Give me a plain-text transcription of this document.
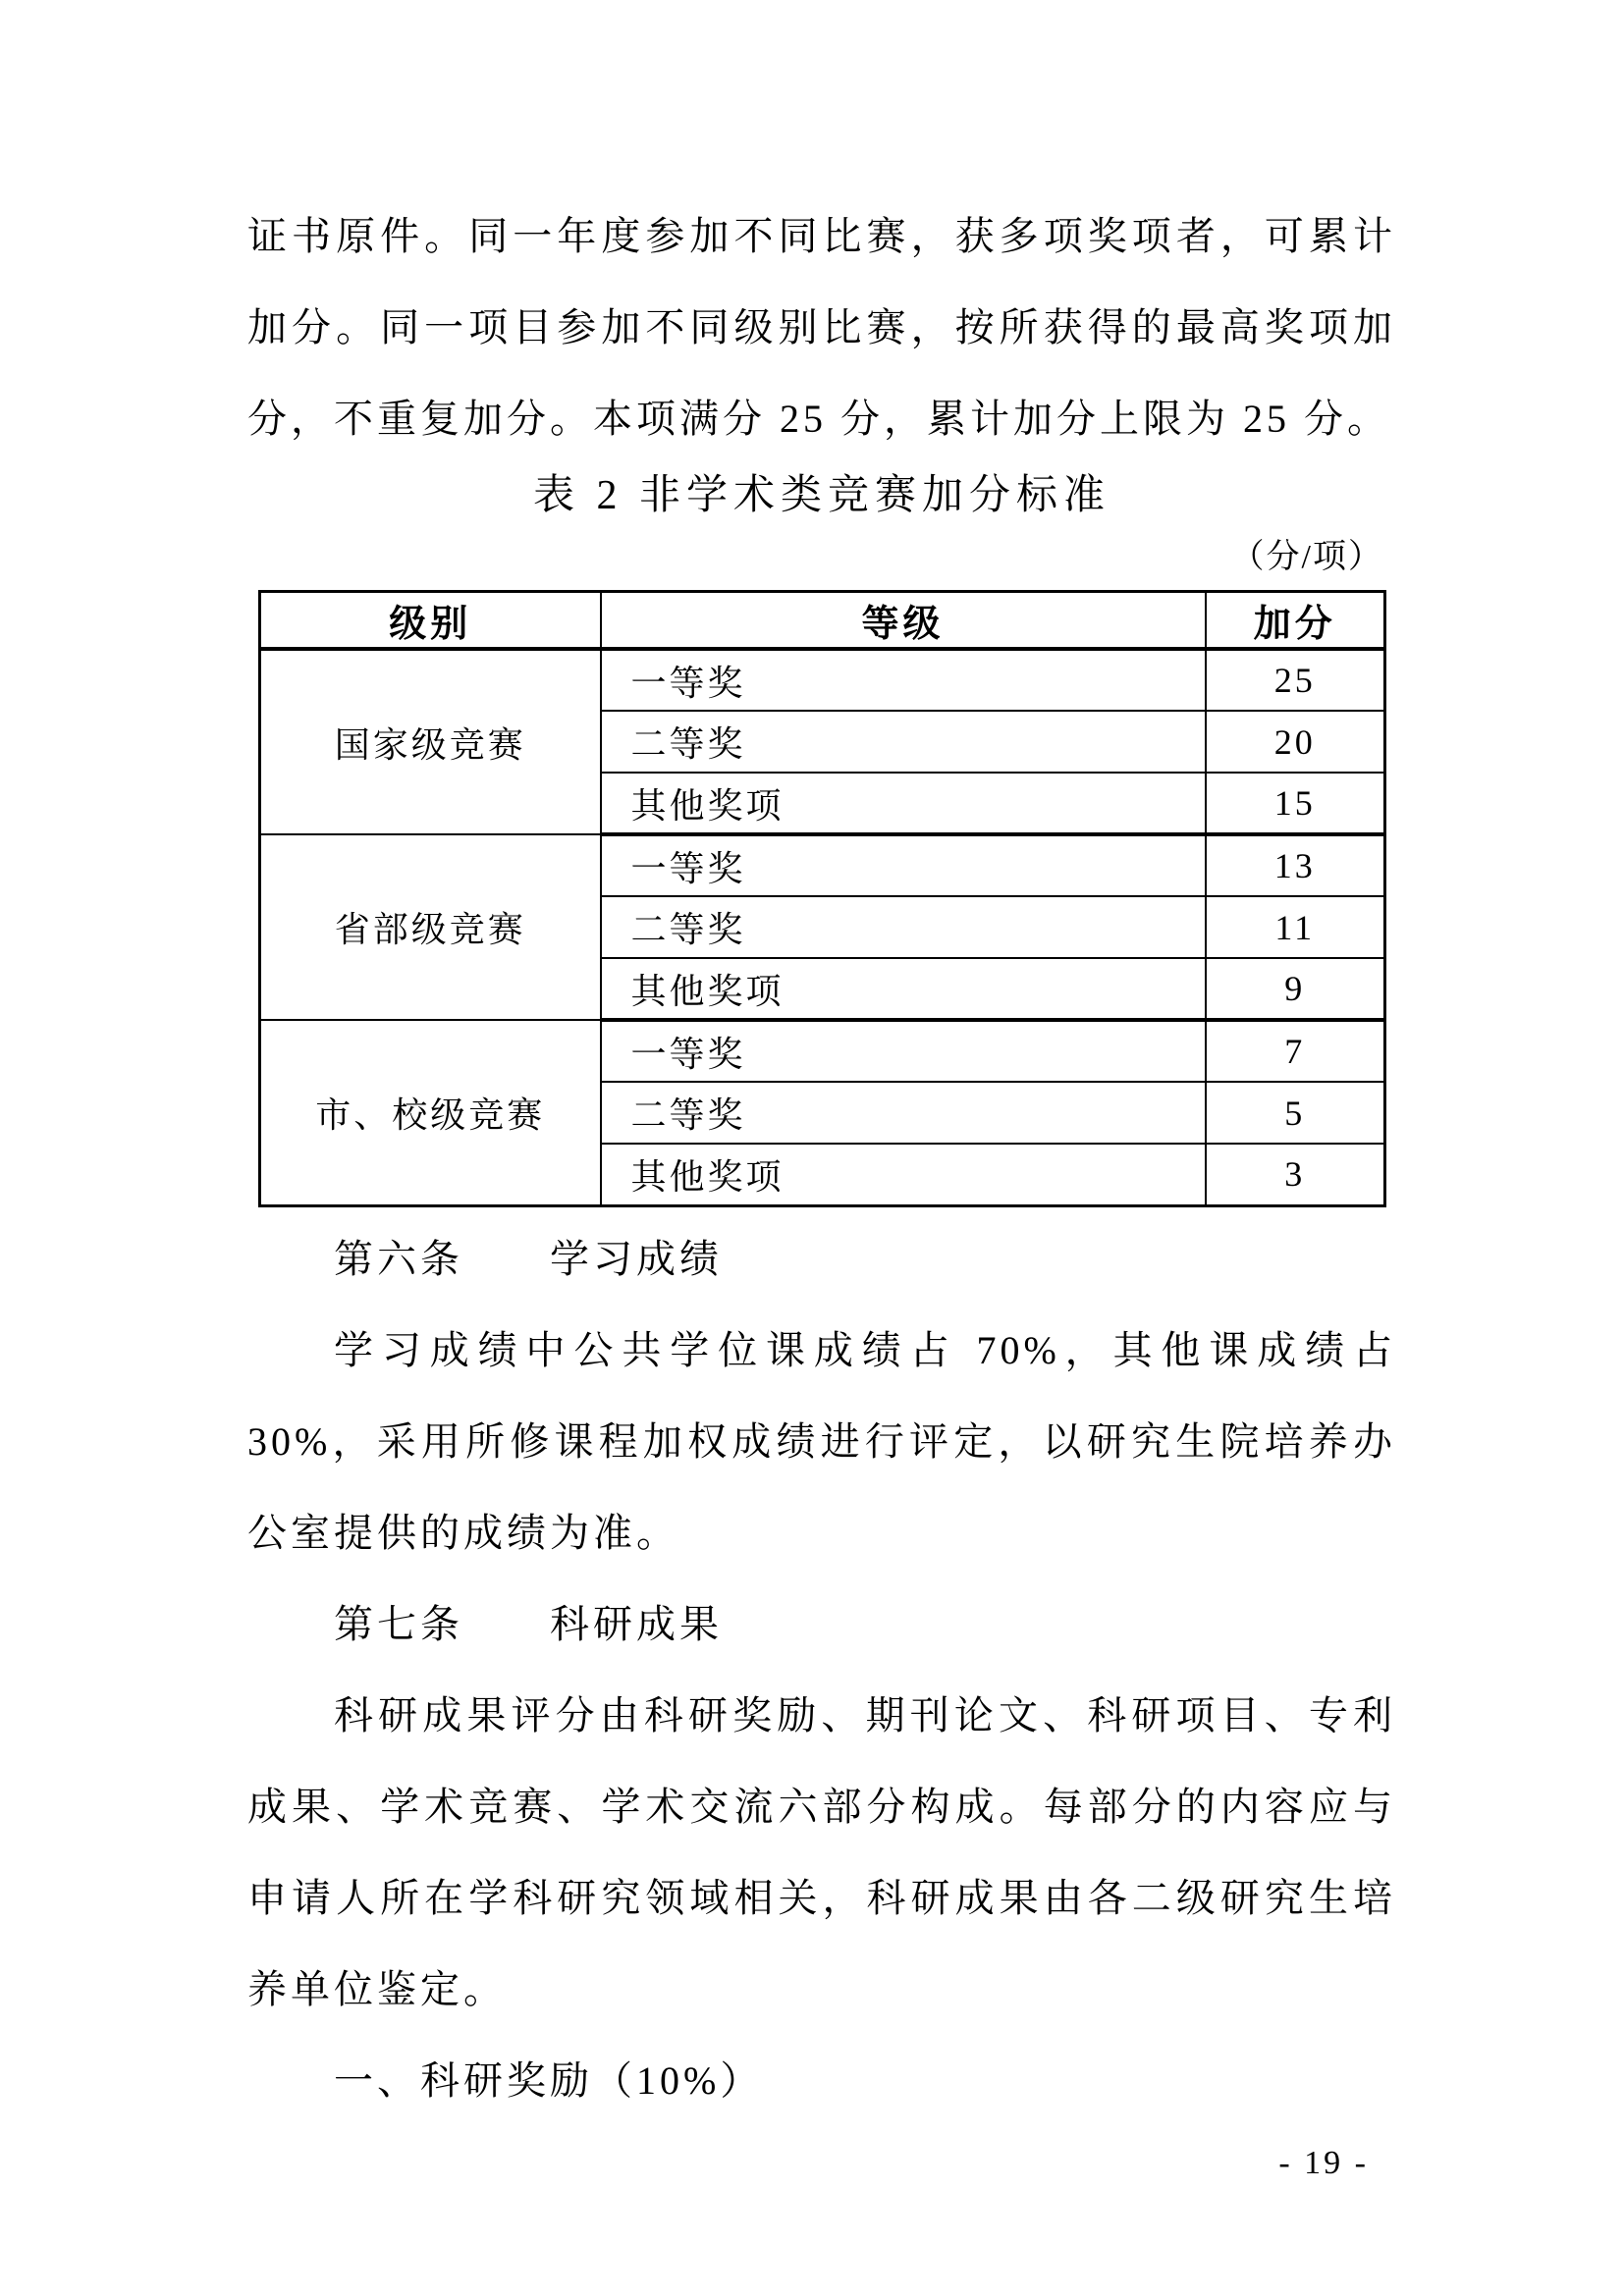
证书原件。同一年度参加不同比赛，获多项奖项者，可累计加分。同一项目参加不同级别比赛，按所获得的最高奖项加分，不重复加分。本项满分 25 分，累计加分上限为 25 分。

表 2 非学术类竞赛加分标准
（分/项）
级别	等级	加分
国家级竞赛	一等奖	25
	二等奖	20
	其他奖项	15
省部级竞赛	一等奖	13
	二等奖	11
	其他奖项	9
市、校级竞赛	一等奖	7
	二等奖	5
	其他奖项	3

第六条　　学习成绩

学习成绩中公共学位课成绩占 70%，其他课成绩占 30%，采用所修课程加权成绩进行评定，以研究生院培养办公室提供的成绩为准。

第七条　　科研成果

科研成果评分由科研奖励、期刊论文、科研项目、专利成果、学术竞赛、学术交流六部分构成。每部分的内容应与申请人所在学科研究领域相关，科研成果由各二级研究生培养单位鉴定。

一、科研奖励（10%）

- 19 -
